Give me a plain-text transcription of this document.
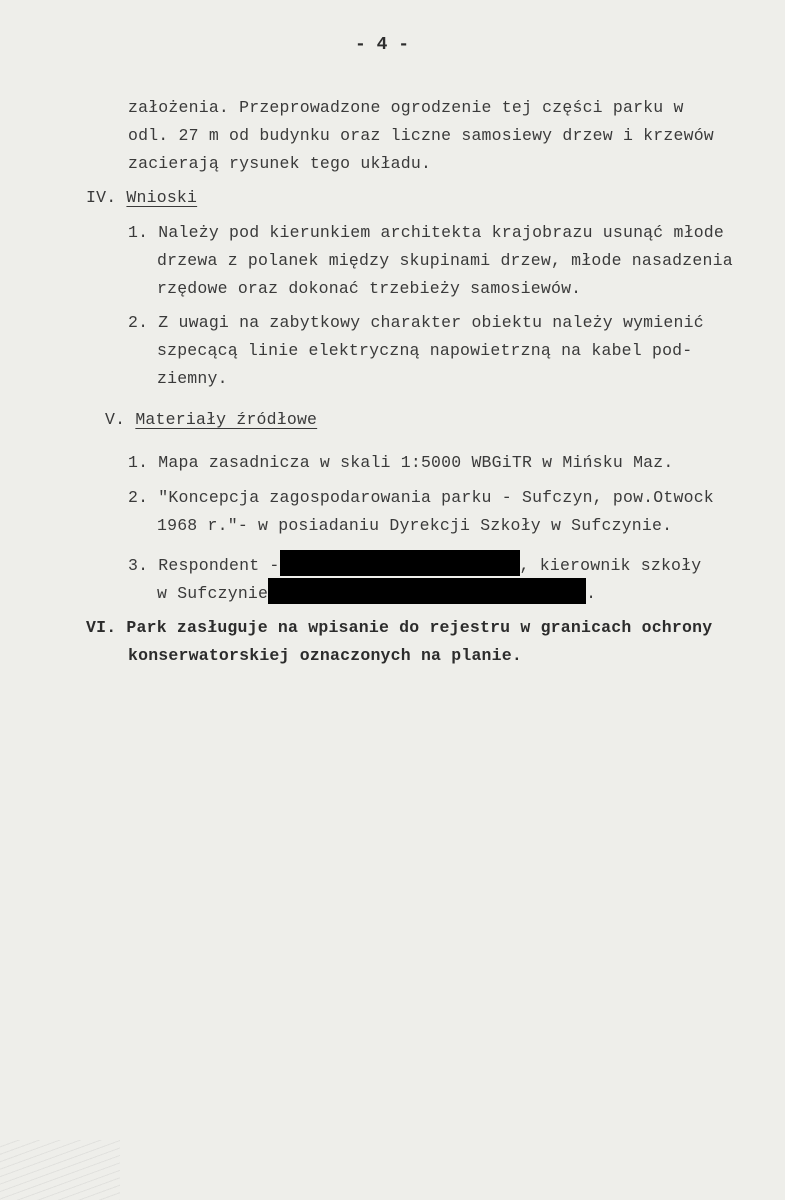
- 4 -
założenia. Przeprowadzone ogrodzenie tej części parku w
odl. 27 m od budynku oraz liczne samosiewy drzew i krzewów
zacierają rysunek tego układu.
IV. Wnioski
1. Należy pod kierunkiem architekta krajobrazu usunąć młode
drzewa z polanek między skupinami drzew, młode nasadzenia
rzędowe oraz dokonać trzebieży samosiewów.
2. Z uwagi na zabytkowy charakter obiektu należy wymienić
szpecącą linie elektryczną napowietrzną na kabel pod-
ziemny.
V. Materiały źródłowe
1. Mapa zasadnicza w skali 1:5000 WBGiTR w Mińsku Maz.
2. "Koncepcja zagospodarowania parku - Sufczyn, pow.Otwock
1968 r."- w posiadaniu Dyrekcji Szkoły w Sufczynie.
3. Respondent -	, kierownik szkoły
w Sufczynie	.
VI. Park zasługuje na wpisanie do rejestru w granicach ochrony
konserwatorskiej oznaczonych na planie.
